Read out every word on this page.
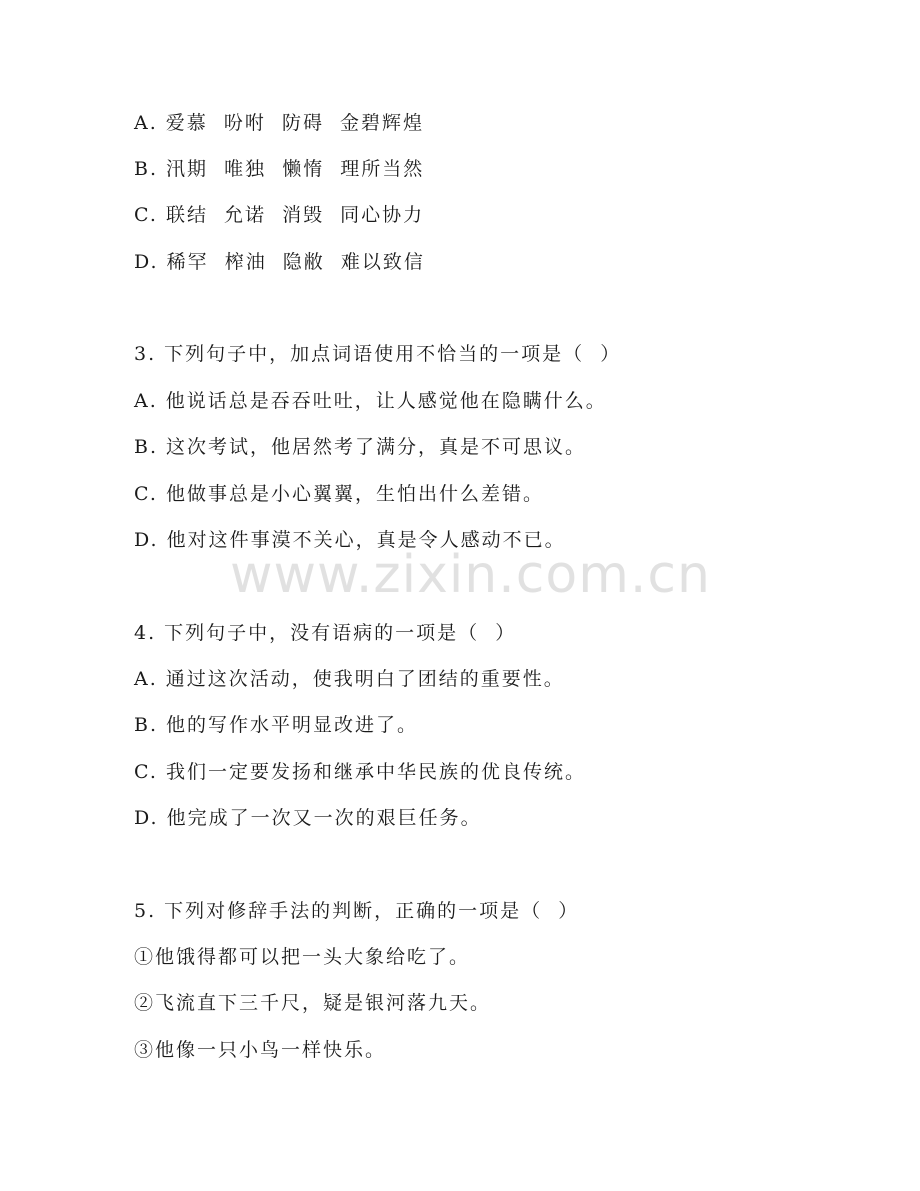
A. 爱慕  吩咐  防碍  金碧辉煌
B. 汛期  唯独  懒惰  理所当然
C. 联结  允诺  消毁  同心协力
D. 稀罕  榨油  隐敝  难以致信
3. 下列句子中，加点词语使用不恰当的一项是（  ）
A. 他说话总是吞吞吐吐，让人感觉他在隐瞒什么。
B. 这次考试，他居然考了满分，真是不可思议。
C. 他做事总是小心翼翼，生怕出什么差错。
D. 他对这件事漠不关心，真是令人感动不已。
4. 下列句子中，没有语病的一项是（  ）
A. 通过这次活动，使我明白了团结的重要性。
B. 他的写作水平明显改进了。
C. 我们一定要发扬和继承中华民族的优良传统。
D. 他完成了一次又一次的艰巨任务。
5. 下列对修辞手法的判断，正确的一项是（  ）
①他饿得都可以把一头大象给吃了。
②飞流直下三千尺，疑是银河落九天。
③他像一只小鸟一样快乐。
www.zixin.com.cn
